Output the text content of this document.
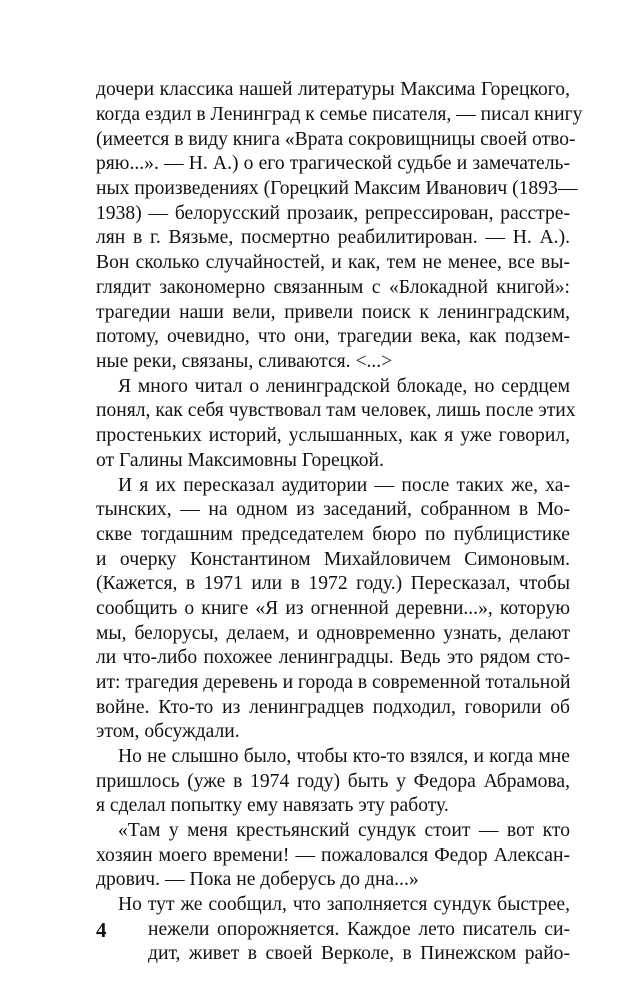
дочери классика нашей литературы Максима Горецкого,
когда ездил в Ленинград к семье писателя, — писал книгу
(имеется в виду книга «Врата сокровищницы своей отво-
ряю...». — Н. А.) о его трагической судьбе и замечатель-
ных произведениях (Горецкий Максим Иванович (1893—
1938) — белорусский прозаик, репрессирован, расстре-
лян в г. Вязьме, посмертно реабилитирован. — Н. А.).
Вон сколько случайностей, и как, тем не менее, все вы-
глядит закономерно связанным с «Блокадной книгой»:
трагедии наши вели, привели поиск к ленинградским,
потому, очевидно, что они, трагедии века, как подзем-
ные реки, связаны, сливаются. <...>
Я много читал о ленинградской блокаде, но сердцем
понял, как себя чувствовал там человек, лишь после этих
простеньких историй, услышанных, как я уже говорил,
от Галины Максимовны Горецкой.
И я их пересказал аудитории — после таких же, ха-
тынских, — на одном из заседаний, собранном в Мо-
скве тогдашним председателем бюро по публицистике
и очерку Константином Михайловичем Симоновым.
(Кажется, в 1971 или в 1972 году.) Пересказал, чтобы
сообщить о книге «Я из огненной деревни...», которую
мы, белорусы, делаем, и одновременно узнать, делают
ли что-либо похожее ленинградцы. Ведь это рядом сто-
ит: трагедия деревень и города в современной тотальной
войне. Кто-то из ленинградцев подходил, говорили об
этом, обсуждали.
Но не слышно было, чтобы кто-то взялся, и когда мне
пришлось (уже в 1974 году) быть у Федора Абрамова,
я сделал попытку ему навязать эту работу.
«Там у меня крестьянский сундук стоит — вот кто
хозяин моего времени! — пожаловался Федор Алексан-
дрович. — Пока не доберусь до дна...»
Но тут же сообщил, что заполняется сундук быстрее,
нежели опорожняется. Каждое лето писатель си-
дит, живет в своей Верколе, в Пинежском райо-
4
